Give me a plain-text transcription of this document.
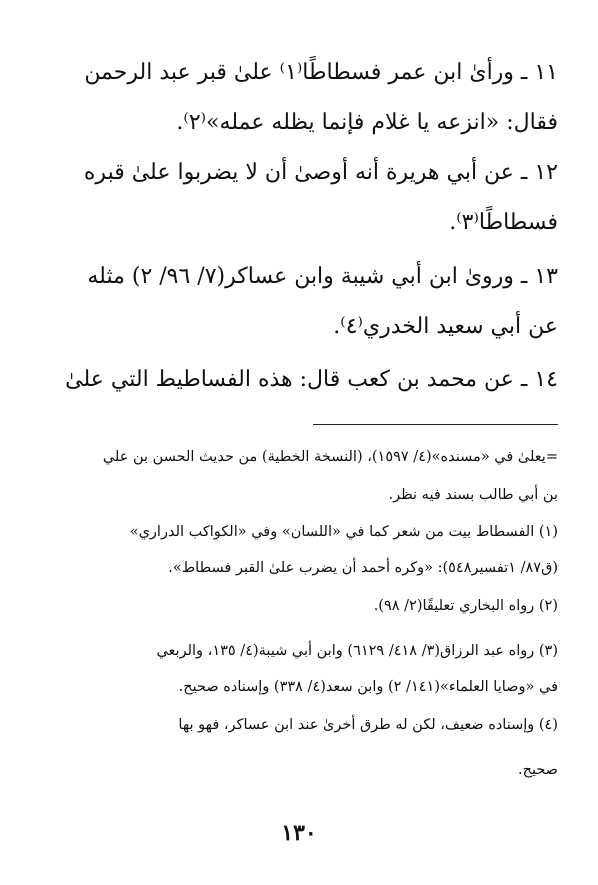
١١ ـ ورأىٰ ابن عمر فسطاطًا⁽١⁾ علىٰ قبر عبد الرحمن
فقال: «انزعه يا غلام فإنما يظله عمله»⁽٢⁾.
١٢ ـ عن أبي هريرة أنه أوصىٰ أن لا يضربوا علىٰ قبره
فسطاطًا⁽٣⁾.
١٣ ـ ورویٰ ابن أبي شيبة وابن عساكر(٧/ ٩٦/ ٢) مثله
عن أبي سعيد الخدري⁽٤⁾.
١٤ ـ عن محمد بن كعب قال: هذه الفساطيط التي علىٰ
=يعلىٰ في «مسنده»(٤/ ١٥٩٧)، (النسخة الخطية) من حديث الحسن بن علي
بن أبي طالب بسند فيه نظر.
(١) الفسطاط بيت من شعر كما في «اللسان» وفي «الكواكب الدراري»
(ق٨٧/ ١تفسير٥٤٨): «وكره أحمد أن يضرب علىٰ القبر فسطاط».
(٢) رواه البخاري تعليقًا(٢/ ٩٨).
(٣) رواه عبد الرزاق(٣/ ٤١٨/ ٦١٢٩) وابن أبي شيبة(٤/ ١٣٥، والربعي
في «وصايا العلماء»(١٤١/ ٢) وابن سعد(٤/ ٣٣٨) وإسناده صحيح.
(٤) وإسناده ضعيف، لكن له طرق أخرىٰ عند ابن عساكر، فهو بها
صحيح.
١٣٠
